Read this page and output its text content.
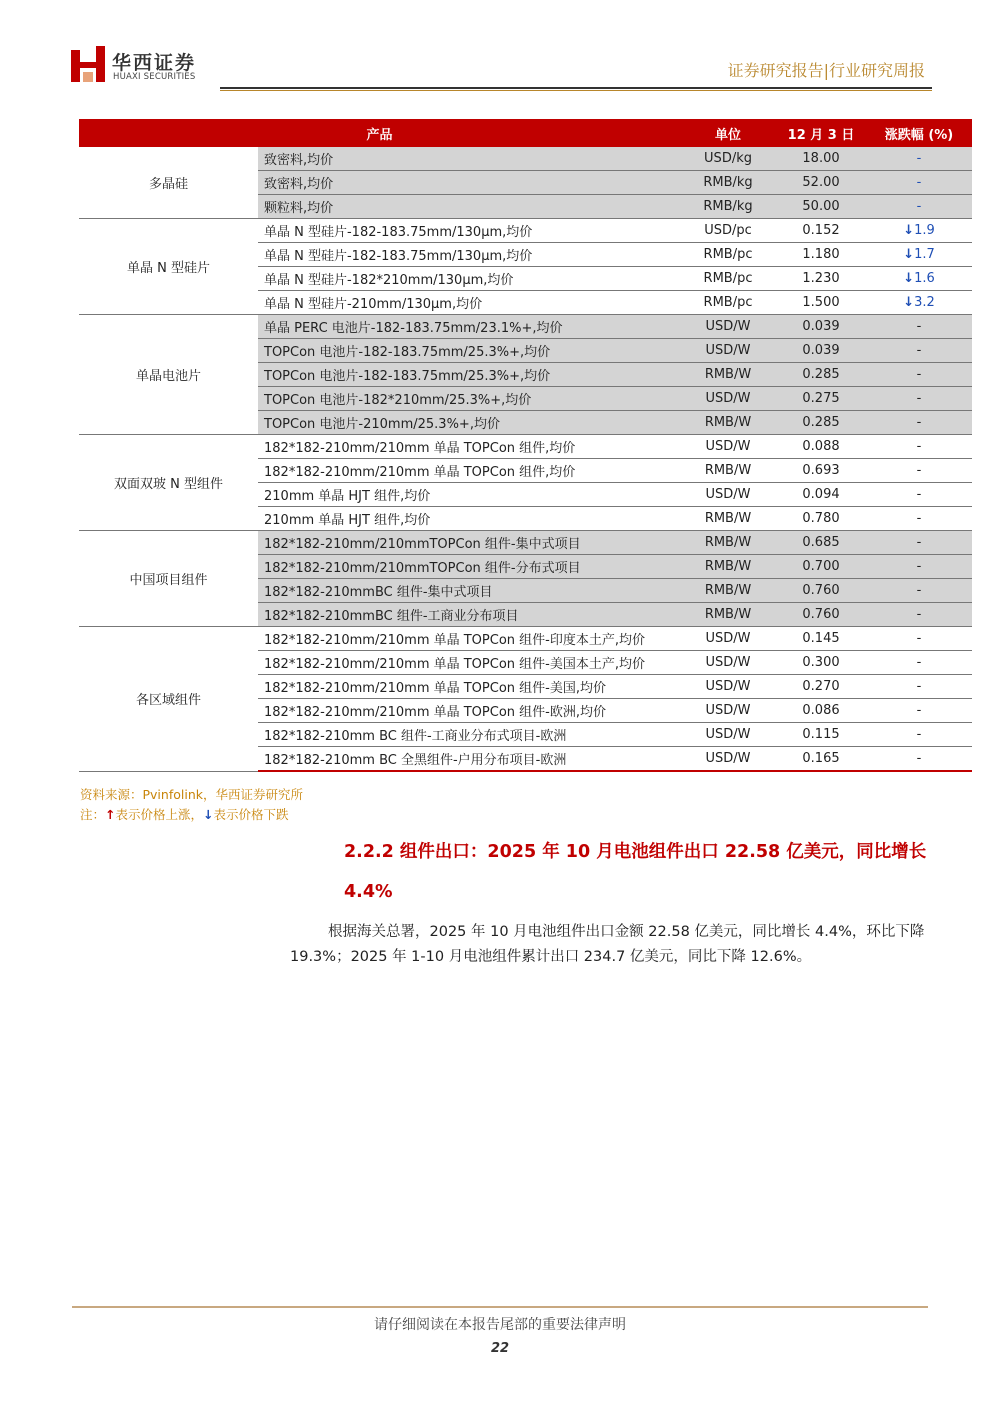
华西证券
HUAXI SECURITIES	证券研究报告|行业研究周报
产品		单位	12 月 3 日	涨跌幅 (%)
多晶硅	致密料,均价	USD/kg	18.00	-
	致密料,均价	RMB/kg	52.00	-
	颗粒料,均价	RMB/kg	50.00	-
单晶 N 型硅片	单晶 N 型硅片-182-183.75mm/130μm,均价	USD/pc	0.152	↓1.9
	单晶 N 型硅片-182-183.75mm/130μm,均价	RMB/pc	1.180	↓1.7
	单晶 N 型硅片-182*210mm/130μm,均价	RMB/pc	1.230	↓1.6
	单晶 N 型硅片-210mm/130μm,均价	RMB/pc	1.500	↓3.2
单晶电池片	单晶 PERC 电池片-182-183.75mm/23.1%+,均价	USD/W	0.039	-
	TOPCon 电池片-182-183.75mm/25.3%+,均价	USD/W	0.039	-
	TOPCon 电池片-182-183.75mm/25.3%+,均价	RMB/W	0.285	-
	TOPCon 电池片-182*210mm/25.3%+,均价	USD/W	0.275	-
	TOPCon 电池片-210mm/25.3%+,均价	RMB/W	0.285	-
双面双玻 N 型组件	182*182-210mm/210mm 单晶 TOPCon 组件,均价	USD/W	0.088	-
	182*182-210mm/210mm 单晶 TOPCon 组件,均价	RMB/W	0.693	-
	210mm 单晶 HJT 组件,均价	USD/W	0.094	-
	210mm 单晶 HJT 组件,均价	RMB/W	0.780	-
中国项目组件	182*182-210mm/210mmTOPCon 组件-集中式项目	RMB/W	0.685	-
	182*182-210mm/210mmTOPCon 组件-分布式项目	RMB/W	0.700	-
	182*182-210mmBC 组件-集中式项目	RMB/W	0.760	-
	182*182-210mmBC 组件-工商业分布项目	RMB/W	0.760	-
各区域组件	182*182-210mm/210mm 单晶 TOPCon 组件-印度本土产,均价	USD/W	0.145	-
	182*182-210mm/210mm 单晶 TOPCon 组件-美国本土产,均价	USD/W	0.300	-
	182*182-210mm/210mm 单晶 TOPCon 组件-美国,均价	USD/W	0.270	-
	182*182-210mm/210mm 单晶 TOPCon 组件-欧洲,均价	USD/W	0.086	-
	182*182-210mm BC 组件-工商业分布式项目-欧洲	USD/W	0.115	-
	182*182-210mm BC 全黑组件-户用分布项目-欧洲	USD/W	0.165	-
资料来源：Pvinfolink，华西证券研究所
注：↑表示价格上涨，↓表示价格下跌
2.2.2 组件出口：2025 年 10 月电池组件出口 22.58 亿美元，同比增长 4.4%
根据海关总署，2025 年 10 月电池组件出口金额 22.58 亿美元，同比增长 4.4%，环比下降 19.3%；2025 年 1-10 月电池组件累计出口 234.7 亿美元，同比下降 12.6%。
请仔细阅读在本报告尾部的重要法律声明
22
